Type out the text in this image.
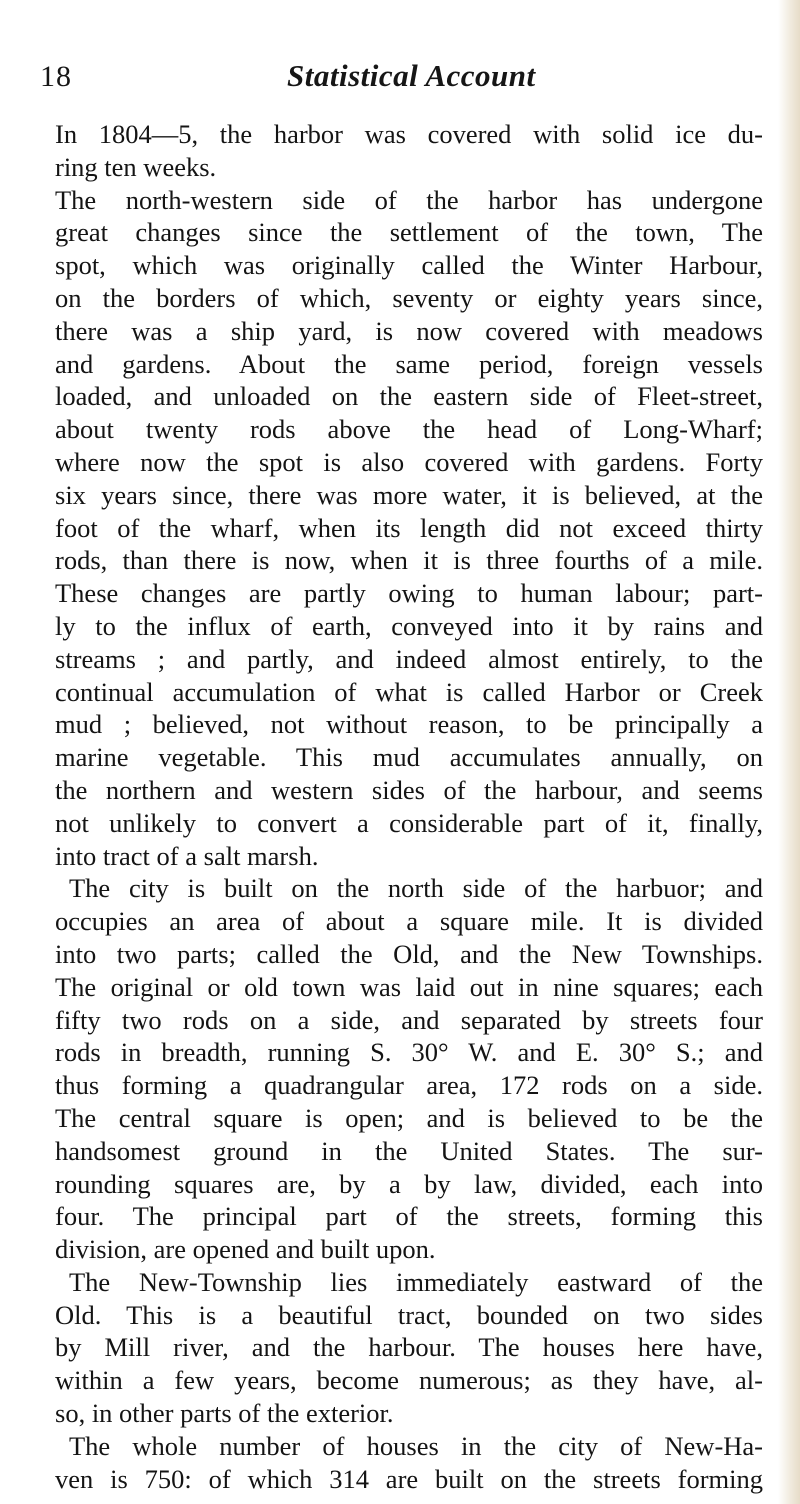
18	Statistical Account
In 1804—5, the harbor was covered with solid ice du-
ring ten weeks.
The north-western side of the harbor has undergone
great changes since the settlement of the town, The
spot, which was originally called the Winter Harbour,
on the borders of which, seventy or eighty years since,
there was a ship yard, is now covered with meadows
and gardens. About the same period, foreign vessels
loaded, and unloaded on the eastern side of Fleet-street,
about twenty rods above the head of Long-Wharf;
where now the spot is also covered with gardens. Forty
six years since, there was more water, it is believed, at the
foot of the wharf, when its length did not exceed thirty
rods, than there is now, when it is three fourths of a mile.
These changes are partly owing to human labour; part-
ly to the influx of earth, conveyed into it by rains and
streams ; and partly, and indeed almost entirely, to the
continual accumulation of what is called Harbor or Creek
mud ; believed, not without reason, to be principally a
marine vegetable. This mud accumulates annually, on
the northern and western sides of the harbour, and seems
not unlikely to convert a considerable part of it, finally,
into tract of a salt marsh.
The city is built on the north side of the harbuor; and
occupies an area of about a square mile. It is divided
into two parts; called the Old, and the New Townships.
The original or old town was laid out in nine squares; each
fifty two rods on a side, and separated by streets four
rods in breadth, running S. 30° W. and E. 30° S.; and
thus forming a quadrangular area, 172 rods on a side.
The central square is open; and is believed to be the
handsomest ground in the United States. The sur-
rounding squares are, by a by law, divided, each into
four. The principal part of the streets, forming this
division, are opened and built upon.
The New-Township lies immediately eastward of the
Old. This is a beautiful tract, bounded on two sides
by Mill river, and the harbour. The houses here have,
within a few years, become numerous; as they have, al-
so, in other parts of the exterior.
The whole number of houses in the city of New-Ha-
ven is 750: of which 314 are built on the streets forming
